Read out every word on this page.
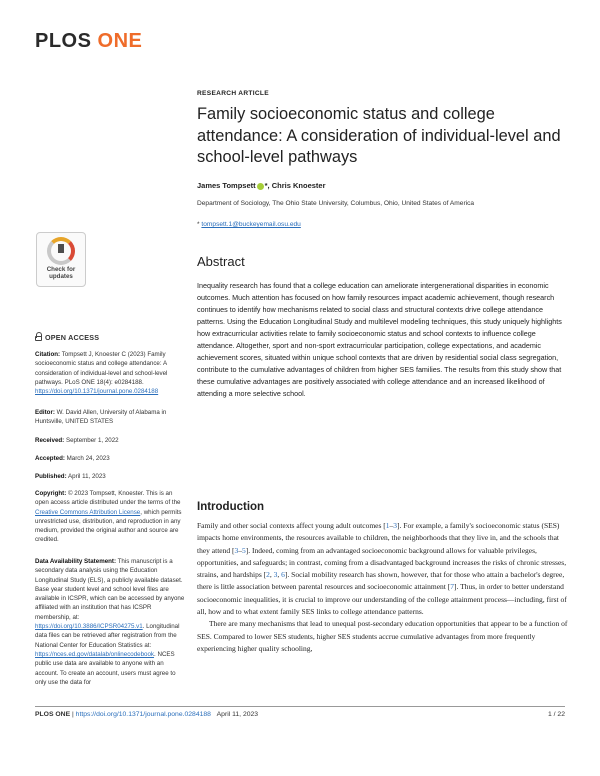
PLOS ONE
Check for
updates
OPEN ACCESS
Citation: Tompsett J, Knoester C (2023) Family socioeconomic status and college attendance: A consideration of individual-level and school-level pathways. PLoS ONE 18(4): e0284188. https://doi.org/10.1371/journal.pone.0284188
Editor: W. David Allen, University of Alabama in Huntsville, UNITED STATES
Received: September 1, 2022
Accepted: March 24, 2023
Published: April 11, 2023
Copyright: © 2023 Tompsett, Knoester. This is an open access article distributed under the terms of the Creative Commons Attribution License, which permits unrestricted use, distribution, and reproduction in any medium, provided the original author and source are credited.
Data Availability Statement: This manuscript is a secondary data analysis using the Education Longitudinal Study (ELS), a publicly available dataset. Base year student level and school level files are available in ICSPR, which can be accessed by anyone affiliated with an institution that has ICSPR membership, at: https://doi.org/10.3886/ICPSR04275.v1. Longitudinal data files can be retrieved after registration from the National Center for Education Statistics at: https://nces.ed.gov/datalab/onlinecodebook. NCES public use data are available to anyone with an account. To create an account, users must agree to only use the data for
RESEARCH ARTICLE
Family socioeconomic status and college attendance: A consideration of individual-level and school-level pathways
James Tompsett *, Chris Knoester
Department of Sociology, The Ohio State University, Columbus, Ohio, United States of America
* tompsett.1@buckeyemail.osu.edu
Abstract

Inequality research has found that a college education can ameliorate intergenerational disparities in economic outcomes. Much attention has focused on how family resources impact academic achievement, though research continues to identify how mechanisms related to social class and structural contexts drive college attendance patterns. Using the Education Longitudinal Study and multilevel modeling techniques, this study uniquely highlights how extracurricular activities relate to family socioeconomic status and school contexts to influence college attendance. Altogether, sport and non-sport extracurricular participation, college expectations, and academic achievement scores, situated within unique school contexts that are driven by residential social class segregation, contribute to the cumulative advantages of children from higher SES families. The results from this study show that these cumulative advantages are positively associated with college attendance and an increased likelihood of attending a more selective school.

Introduction

Family and other social contexts affect young adult outcomes [1–3]. For example, a family's socioeconomic status (SES) impacts home environments, the resources available to children, the neighborhoods that they live in, and the schools that they attend [3–5]. Indeed, coming from an advantaged socioeconomic background allows for valuable privileges, opportunities, and safeguards; in contrast, coming from a disadvantaged background increases the risks of chronic stresses, strains, and hardships [2, 3, 6]. Social mobility research has shown, however, that for those who attain a bachelor's degree, there is little association between parental resources and socioeconomic attainment [7]. Thus, in order to better understand socioeconomic inequalities, it is crucial to improve our understanding of the college attainment process—including, first of all, how and to what extent family SES links to college attendance patterns.

There are many mechanisms that lead to unequal post-secondary education opportunities that appear to be a function of SES. Compared to lower SES students, higher SES students accrue cumulative advantages from more frequently experiencing higher quality schooling,

PLOS ONE | https://doi.org/10.1371/journal.pone.0284188 April 11, 2023	1 / 22
